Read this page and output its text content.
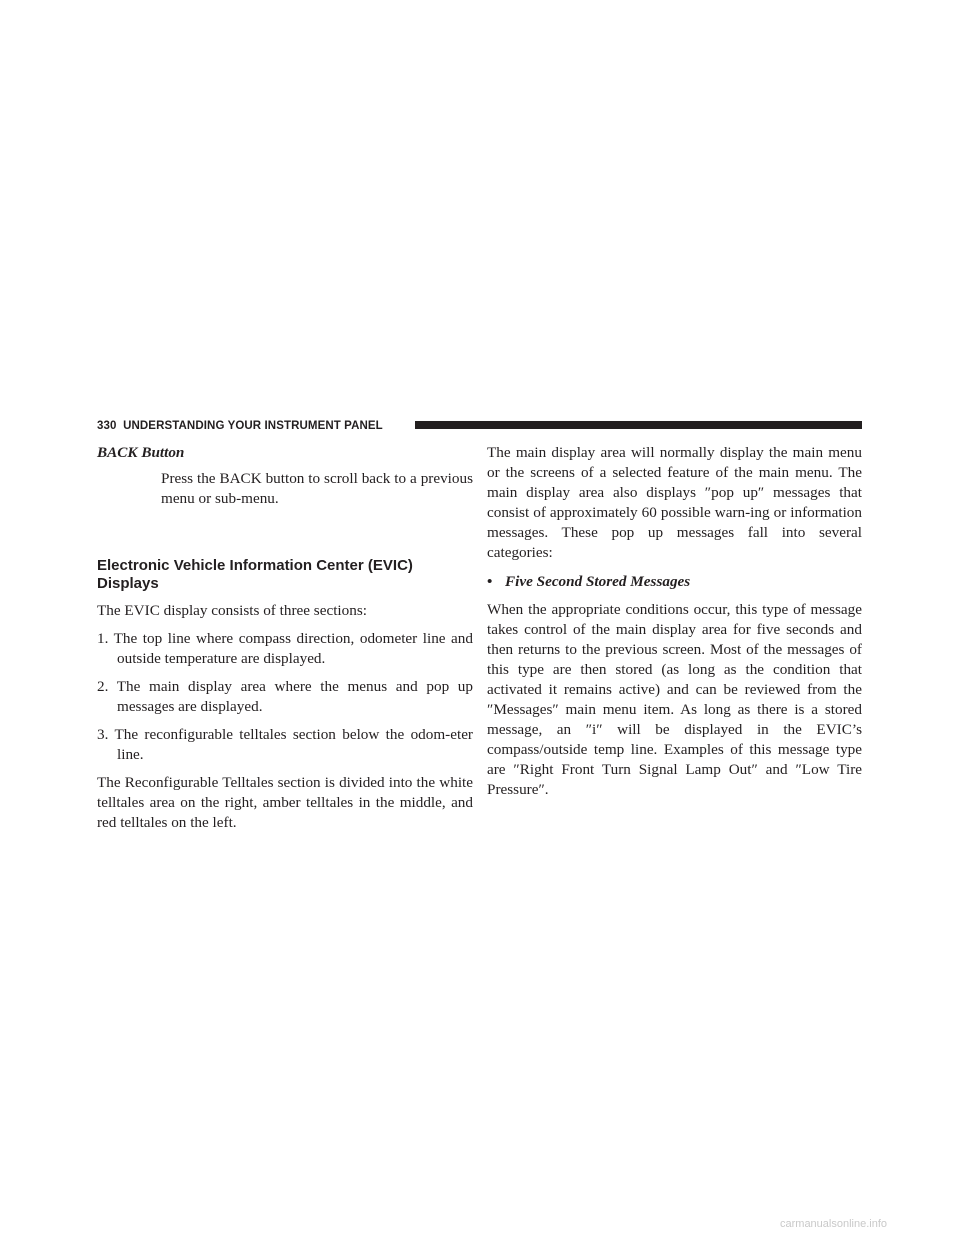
330 UNDERSTANDING YOUR INSTRUMENT PANEL

BACK Button

Press the BACK button to scroll back to a previous menu or sub-menu.

Electronic Vehicle Information Center (EVIC)
Displays

The EVIC display consists of three sections:

1. The top line where compass direction, odometer line and outside temperature are displayed.

2. The main display area where the menus and pop up messages are displayed.

3. The reconfigurable telltales section below the odom-eter line.

The Reconfigurable Telltales section is divided into the white telltales area on the right, amber telltales in the middle, and red telltales on the left.

The main display area will normally display the main menu or the screens of a selected feature of the main menu. The main display area also displays ″pop up″ messages that consist of approximately 60 possible warn-ing or information messages. These pop up messages fall into several categories:

• Five Second Stored Messages

When the appropriate conditions occur, this type of message takes control of the main display area for five seconds and then returns to the previous screen. Most of the messages of this type are then stored (as long as the condition that activated it remains active) and can be reviewed from the ″Messages″ main menu item. As long as there is a stored message, an ″i″ will be displayed in the EVIC’s compass/outside temp line. Examples of this message type are ″Right Front Turn Signal Lamp Out″ and ″Low Tire Pressure″.

carmanualsonline.info
